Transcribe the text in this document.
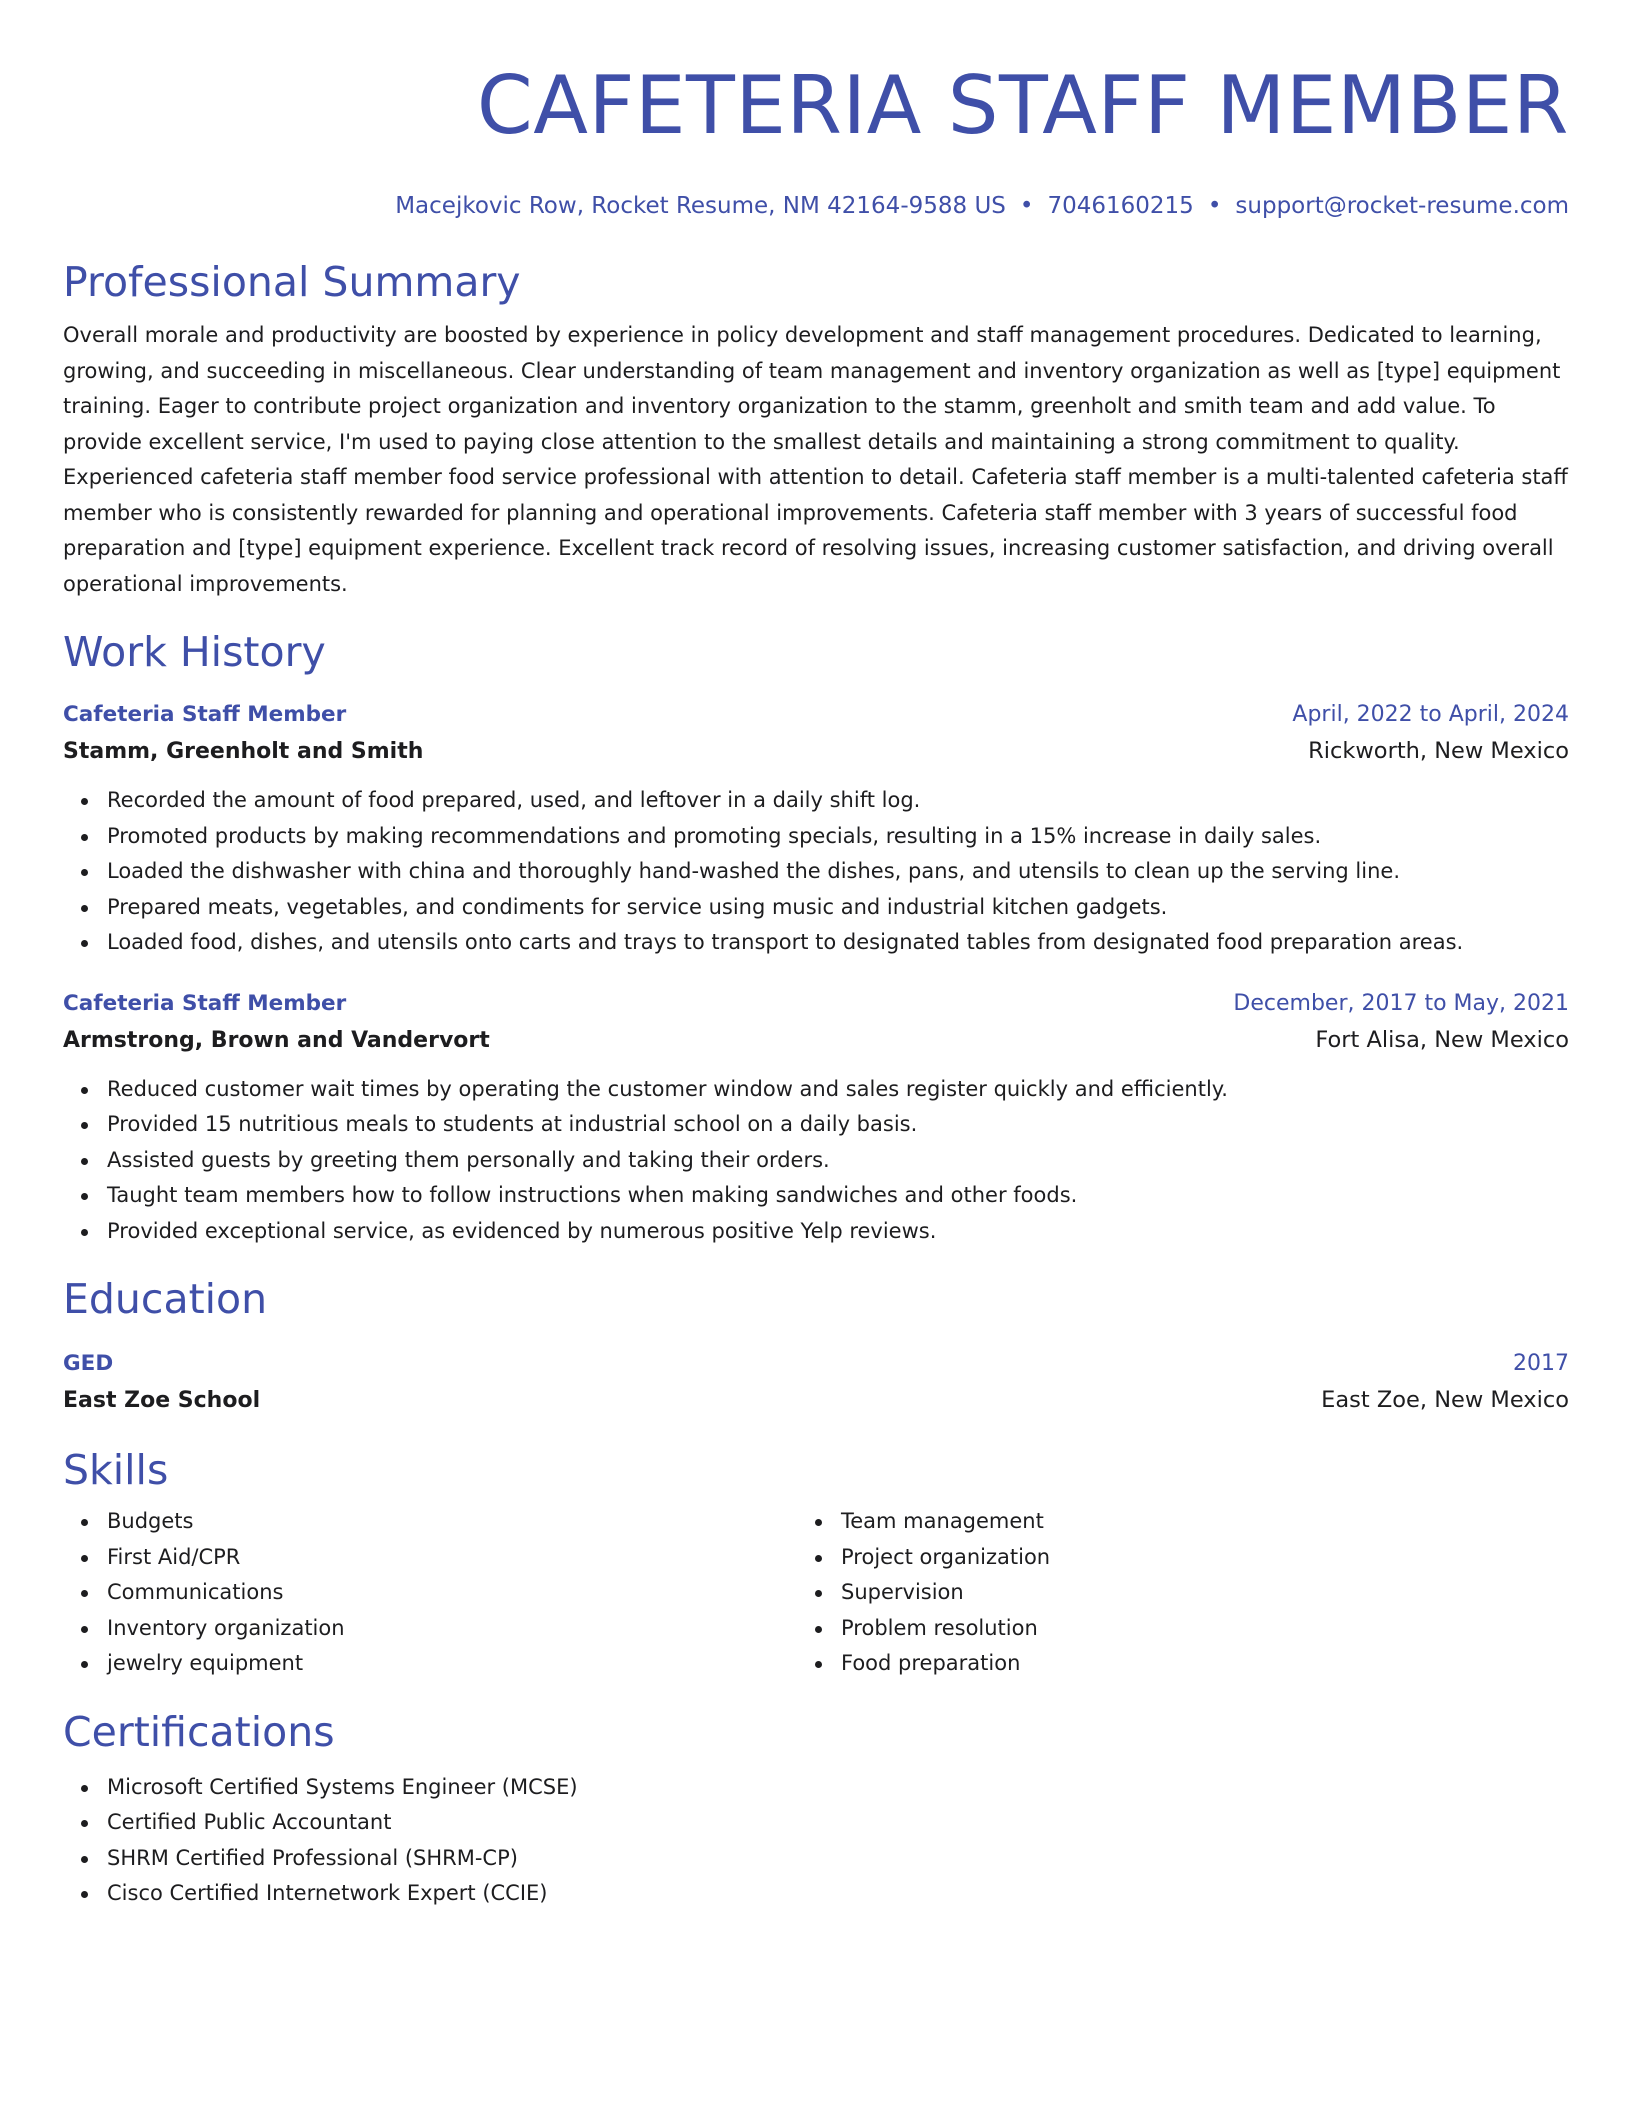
CAFETERIA STAFF MEMBER
Macejkovic Row, Rocket Resume, NM 42164-9588 US • 7046160215 • support@rocket-resume.com
Professional Summary
Overall morale and productivity are boosted by experience in policy development and staff management procedures. Dedicated to learning, growing, and succeeding in miscellaneous. Clear understanding of team management and inventory organization as well as [type] equipment training. Eager to contribute project organization and inventory organization to the stamm, greenholt and smith team and add value. To provide excellent service, I'm used to paying close attention to the smallest details and maintaining a strong commitment to quality. Experienced cafeteria staff member food service professional with attention to detail. Cafeteria staff member is a multi-talented cafeteria staff member who is consistently rewarded for planning and operational improvements. Cafeteria staff member with 3 years of successful food preparation and [type] equipment experience. Excellent track record of resolving issues, increasing customer satisfaction, and driving overall operational improvements.
Work History
Cafeteria Staff Member	April, 2022 to April, 2024
Stamm, Greenholt and Smith	Rickworth, New Mexico
Recorded the amount of food prepared, used, and leftover in a daily shift log.
Promoted products by making recommendations and promoting specials, resulting in a 15% increase in daily sales.
Loaded the dishwasher with china and thoroughly hand-washed the dishes, pans, and utensils to clean up the serving line.
Prepared meats, vegetables, and condiments for service using music and industrial kitchen gadgets.
Loaded food, dishes, and utensils onto carts and trays to transport to designated tables from designated food preparation areas.
Cafeteria Staff Member	December, 2017 to May, 2021
Armstrong, Brown and Vandervort	Fort Alisa, New Mexico
Reduced customer wait times by operating the customer window and sales register quickly and efficiently.
Provided 15 nutritious meals to students at industrial school on a daily basis.
Assisted guests by greeting them personally and taking their orders.
Taught team members how to follow instructions when making sandwiches and other foods.
Provided exceptional service, as evidenced by numerous positive Yelp reviews.
Education
GED	2017
East Zoe School	East Zoe, New Mexico
Skills
Budgets
First Aid/CPR
Communications
Inventory organization
jewelry equipment
Team management
Project organization
Supervision
Problem resolution
Food preparation
Certifications
Microsoft Certified Systems Engineer (MCSE)
Certified Public Accountant
SHRM Certified Professional (SHRM-CP)
Cisco Certified Internetwork Expert (CCIE)
